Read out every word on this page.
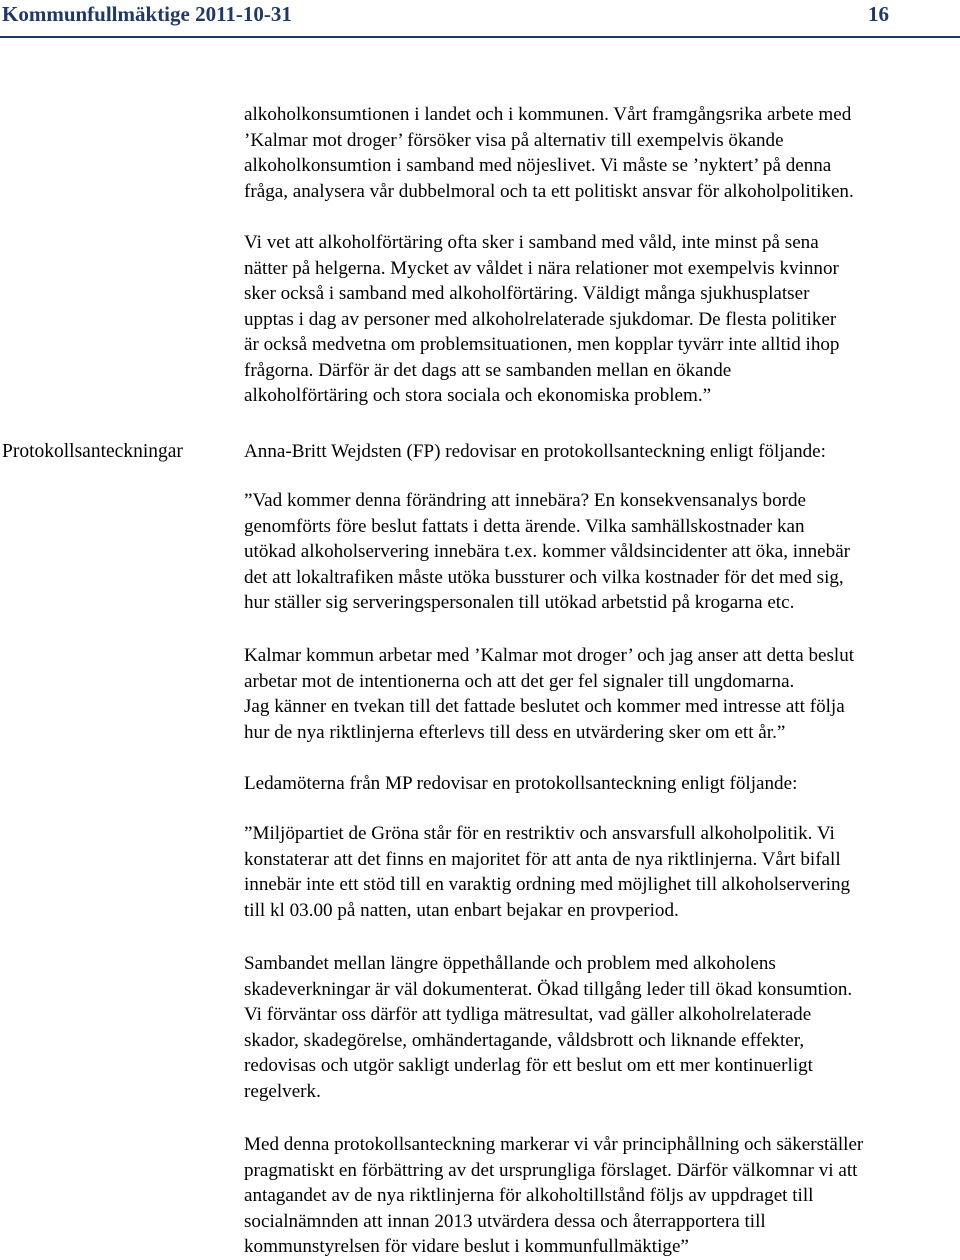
Kommunfullmäktige 2011-10-31	16
Protokollsanteckningar
alkoholkonsumtionen i landet och i kommunen. Vårt framgångsrika arbete med
’Kalmar mot droger’ försöker visa på alternativ till exempelvis ökande
alkoholkonsumtion i samband med nöjeslivet. Vi måste se ’nyktert’ på denna
fråga, analysera vår dubbelmoral och ta ett politiskt ansvar för alkoholpolitiken.
Vi vet att alkoholförtäring ofta sker i samband med våld, inte minst på sena
nätter på helgerna. Mycket av våldet i nära relationer mot exempelvis kvinnor
sker också i samband med alkoholförtäring. Väldigt många sjukhusplatser
upptas i dag av personer med alkoholrelaterade sjukdomar. De flesta politiker
är också medvetna om problemsituationen, men kopplar tyvärr inte alltid ihop
frågorna. Därför är det dags att se sambanden mellan en ökande
alkoholförtäring och stora sociala och ekonomiska problem.”
Anna-Britt Wejdsten (FP) redovisar en protokollsanteckning enligt följande:
”Vad kommer denna förändring att innebära? En konsekvensanalys borde
genomförts före beslut fattats i detta ärende. Vilka samhällskostnader kan
utökad alkoholservering innebära t.ex. kommer våldsincidenter att öka, innebär
det att lokaltrafiken måste utöka bussturer och vilka kostnader för det med sig,
hur ställer sig serveringspersonalen till utökad arbetstid på krogarna etc.
Kalmar kommun arbetar med ’Kalmar mot droger’ och jag anser att detta beslut
arbetar mot de intentionerna och att det ger fel signaler till ungdomarna.
Jag känner en tvekan till det fattade beslutet och kommer med intresse att följa
hur de nya riktlinjerna efterlevs till dess en utvärdering sker om ett år.”
Ledamöterna från MP redovisar en protokollsanteckning enligt följande:
”Miljöpartiet de Gröna står för en restriktiv och ansvarsfull alkoholpolitik. Vi
konstaterar att det finns en majoritet för att anta de nya riktlinjerna. Vårt bifall
innebär inte ett stöd till en varaktig ordning med möjlighet till alkoholservering
till kl 03.00 på natten, utan enbart bejakar en provperiod.
Sambandet mellan längre öppethållande och problem med alkoholens
skadeverkningar är väl dokumenterat. Ökad tillgång leder till ökad konsumtion.
Vi förväntar oss därför att tydliga mätresultat, vad gäller alkoholrelaterade
skador, skadegörelse, omhändertagande, våldsbrott och liknande effekter,
redovisas och utgör sakligt underlag för ett beslut om ett mer kontinuerligt
regelverk.
Med denna protokollsanteckning markerar vi vår principhållning och säkerställer
pragmatiskt en förbättring av det ursprungliga förslaget. Därför välkomnar vi att
antagandet av de nya riktlinjerna för alkoholtillstånd följs av uppdraget till
socialnämnden att innan 2013 utvärdera dessa och återrapportera till
kommunstyrelsen för vidare beslut i kommunfullmäktige”
